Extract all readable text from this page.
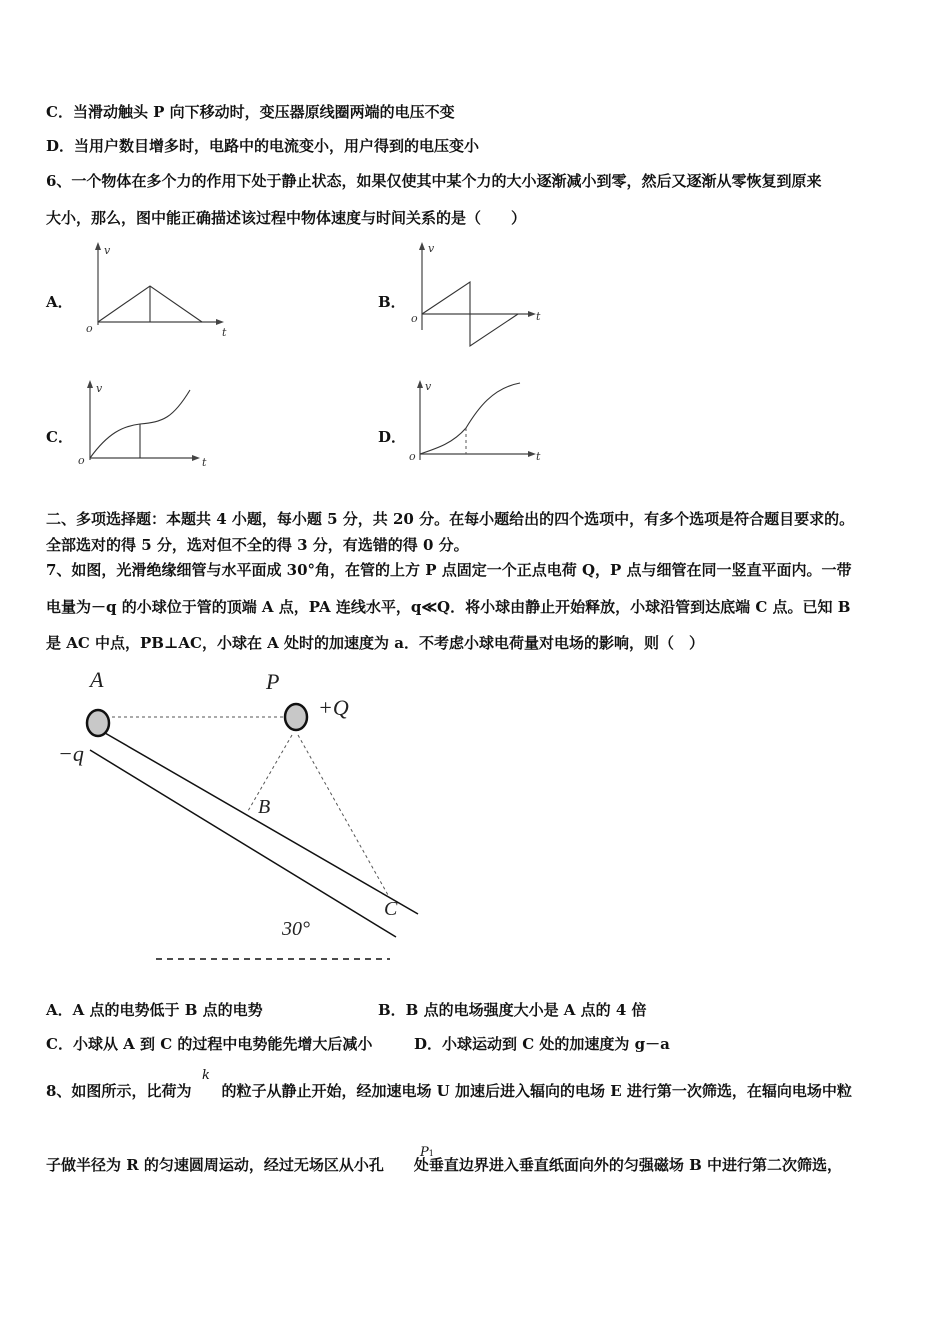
C．当滑动触头 P 向下移动时，变压器原线圈两端的电压不变
D．当用户数目增多时，电路中的电流变小，用户得到的电压变小
6、一个物体在多个力的作用下处于静止状态，如果仅使其中某个力的大小逐渐减小到零，然后又逐渐从零恢复到原来
大小，那么，图中能正确描述该过程中物体速度与时间关系的是（　　）
A．	B．
C．	D．
v
t
o
v
t
o
v
t
o
v
t
o
二、多项选择题：本题共 4 小题，每小题 5 分，共 20 分。在每小题给出的四个选项中，有多个选项是符合题目要求的。
全部选对的得 5 分，选对但不全的得 3 分，有选错的得 0 分。
7、如图，光滑绝缘细管与水平面成 30°角，在管的上方 P 点固定一个正点电荷 Q，P 点与细管在同一竖直平面内。一带
电量为－q 的小球位于管的顶端 A 点，PA 连线水平，q≪Q．将小球由静止开始释放，小球沿管到达底端 C 点。已知 B
是 AC 中点，PB⊥AC，小球在 A 处时的加速度为 a．不考虑小球电荷量对电场的影响，则（　）
A	P
+Q
−q
B
C
30°
A．A 点的电势低于 B 点的电势	B．B 点的电场强度大小是 A 点的 4 倍
C．小球从 A 到 C 的过程中电势能先增大后减小	D．小球运动到 C 处的加速度为 g－a
8、如图所示，比荷为　　的粒子从静止开始，经加速电场 U 加速后进入辐向的电场 E 进行第一次筛选，在辐向电场中粒
k
子做半径为 R 的匀速圆周运动，经过无场区从小孔　　处垂直边界进入垂直纸面向外的匀强磁场 B 中进行第二次筛选，
P1
